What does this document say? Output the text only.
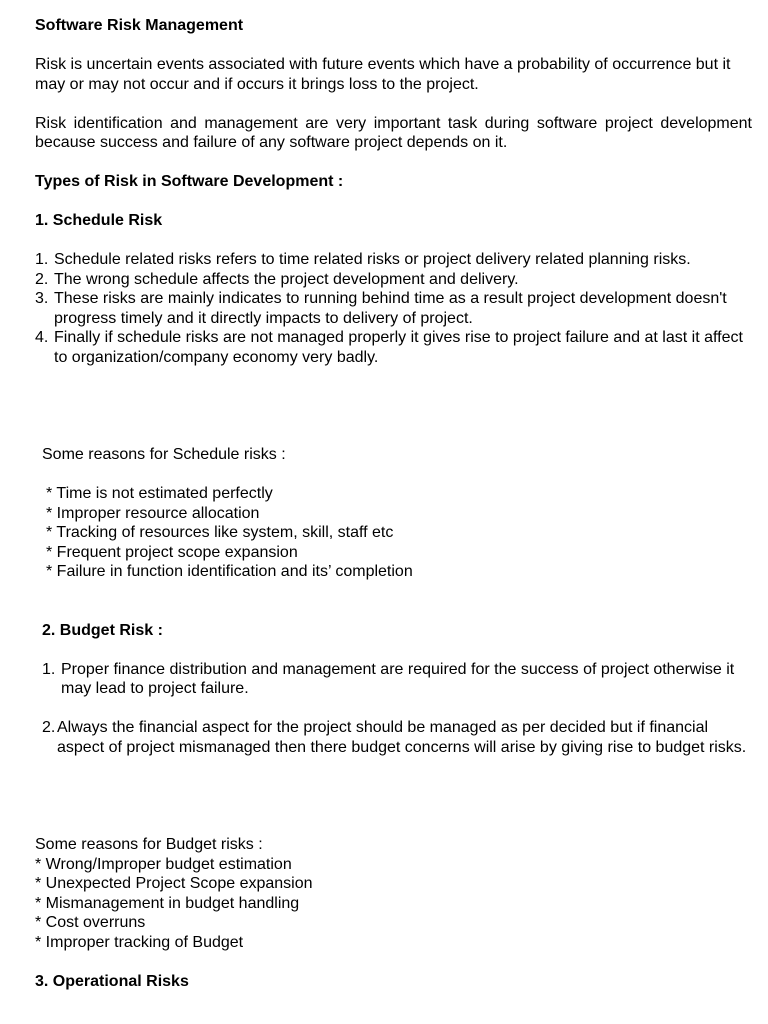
Software Risk Management

Risk is uncertain events associated with future events which have a probability of occurrence but it may or may not occur and if occurs it brings loss to the project.

Risk identification and management are very important task during software project development because success and failure of any software project depends on it.

Types of Risk in Software Development :

1. Schedule Risk

1. Schedule related risks refers to time related risks or project delivery related planning risks.
2. The wrong schedule affects the project development and delivery.
3. These risks are mainly indicates to running behind time as a result project development doesn't progress timely and it directly impacts to delivery of project.
4. Finally if schedule risks are not managed properly it gives rise to project failure and at last it affect to organization/company economy very badly.

Some reasons for Schedule risks :

* Time is not estimated perfectly

* Improper resource allocation

* Tracking of resources like system, skill, staff etc

* Frequent project scope expansion

* Failure in function identification and its’ completion

2. Budget Risk :

1. Proper finance distribution and management are required for the success of project otherwise it may lead to project failure.
2. Always the financial aspect for the project should be managed as per decided but if financial aspect of project mismanaged then there budget concerns will arise by giving rise to budget risks.

Some reasons for Budget risks :

* Wrong/Improper budget estimation

* Unexpected Project Scope expansion

* Mismanagement in budget handling

* Cost overruns

* Improper tracking of Budget

3. Operational Risks
